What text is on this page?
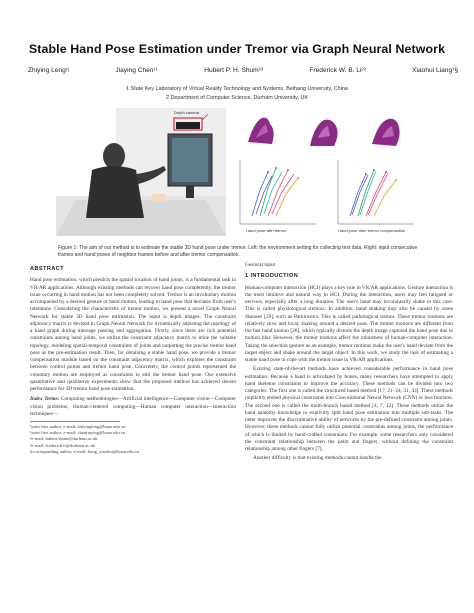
Stable Hand Pose Estimation under Tremor via Graph Neural Network
Zhiying Leng¹ʲ	Jiaying Chen¹¹	Hubert P. H. Shum²³	Frederick W. B. Li²³	Xiaohui Liang¹§
1 State Key Laboratory of Virtual Reality Technology and Systems, Beihang University, China
2 Department of Computer Science, Durham University, UK
Depth camera
Hand pose with tremor	Hand pose after tremor compensation
Figure 1: The aim of our method is to estimate the stable 3D hand pose under tremor. Left: the environment setting for collecting test data. Right: input consecutive frames and hand poses of neighbor frames before and after tremor compensation.
ABSTRACT

Hand pose estimation, which predicts the spatial location of hand joints, is a fundamental task in VR/AR applications. Although existing methods can recover hand pose competently, the tremor issue occurring in hand motion has not been completely solved. Tremor is an involuntary motion accompanied by a desired gesture or hand motion, leading to hand pose that deviates from user's intentions. Considering the characteristic of tremor motion, we present a novel Graph Neural Network for stable 3D hand pose estimation. The input is depth images. The constraint adjacency matrix is devised in Graph Neural Network for dynamically adjusting the topology of a hand graph during message passing and aggregation. Firstly, since there are rich potential constraints among hand joints, we utilize the constraint adjacency matrix to mine the suitable topology, modeling spatial-temporal constraints of joints and outputting the precise tremor hand pose as the pre-estimation result. Then, for obtaining a stable hand pose, we provide a tremor compensation module based on the constraint adjacency matrix, which explores the constraint between control points and tremor hand pose. Concretely, the control points represented the voluntary motion are employed as constraints to edit the tremor hand pose. Our extensive quantitative and qualitative experiments show that the proposed method has achieved decent performance for 3D tremor hand pose estimation.

Index Terms: Computing methodologies—Artificial intelligence—Computer vision—Computer vision problems; Human-centered computing—Human computer interaction—Interaction techniques—

¹joint first author, e-mail: zhiyingleng@buaa.edu.cn
¹joint first author, e-mail: chenjiaying@buaa.edu.cn
²e-mail: hubert.shum@durham.ac.uk
³e-mail: frederick.li@durham.ac.uk
§corresponding author, e-mail: liang_xiaohui@buaa.edu.cn

Gestural input

1 INTRODUCTION

Human-computer interaction (HCI) plays a key role in VR/AR applications. Gesture interaction is the most intuitive and natural way in HCI. During the interaction, users may feel fatigued or nervous, especially after a long duration. The user's hand may involuntarily shake in this case. This is called physiological tremors. In addition, hand shaking may also be caused by some diseases [29], such as Parkinson's. This is called pathological tremor. These tremor motions are relatively slow and local, shaking around a desired pose. The tremor motions are different from the fast hand motion [26], which typically distorts the depth image captured the hand pose due to motion blur. However, the tremor motions affect the robustness of human-computer interaction. Taking the selection gesture as an example, tremor motions make the user's hand deviate from the target object and shake around the target object. In this work, we study the task of estimating a stable hand pose to cope with the tremor issue in VR/AR applications.

Existing state-of-the-art methods have achieved considerable performance in hand pose estimation. Because a hand is articulated by bones, many researchers have attempted to apply hand skeleton constraints to improve the accuracy. These methods can be divided into two categories. The first one is called the structured based method [17, 21–24, 31, 43]. These methods implicitly embed physical constraints into Convolutional Neural Network (CNN) or loss function. The second one is called the multi-branch based method [4, 7, 12]. These methods utilize the hand anatomy knowledge to explicitly split hand pose estimation into multiple sub-tasks. The latter improves the discriminative ability of networks by the pre-defined constraint among joints. However, these methods cannot fully utilize potential constraints among joints, the performance of which is limited by hand-crafted constraints. For example, some researchers only considered the constraint relationship between the palm and fingers, without defining the constraint relationship among other fingers [7].

Another difficulty is that existing methods cannot handle the
